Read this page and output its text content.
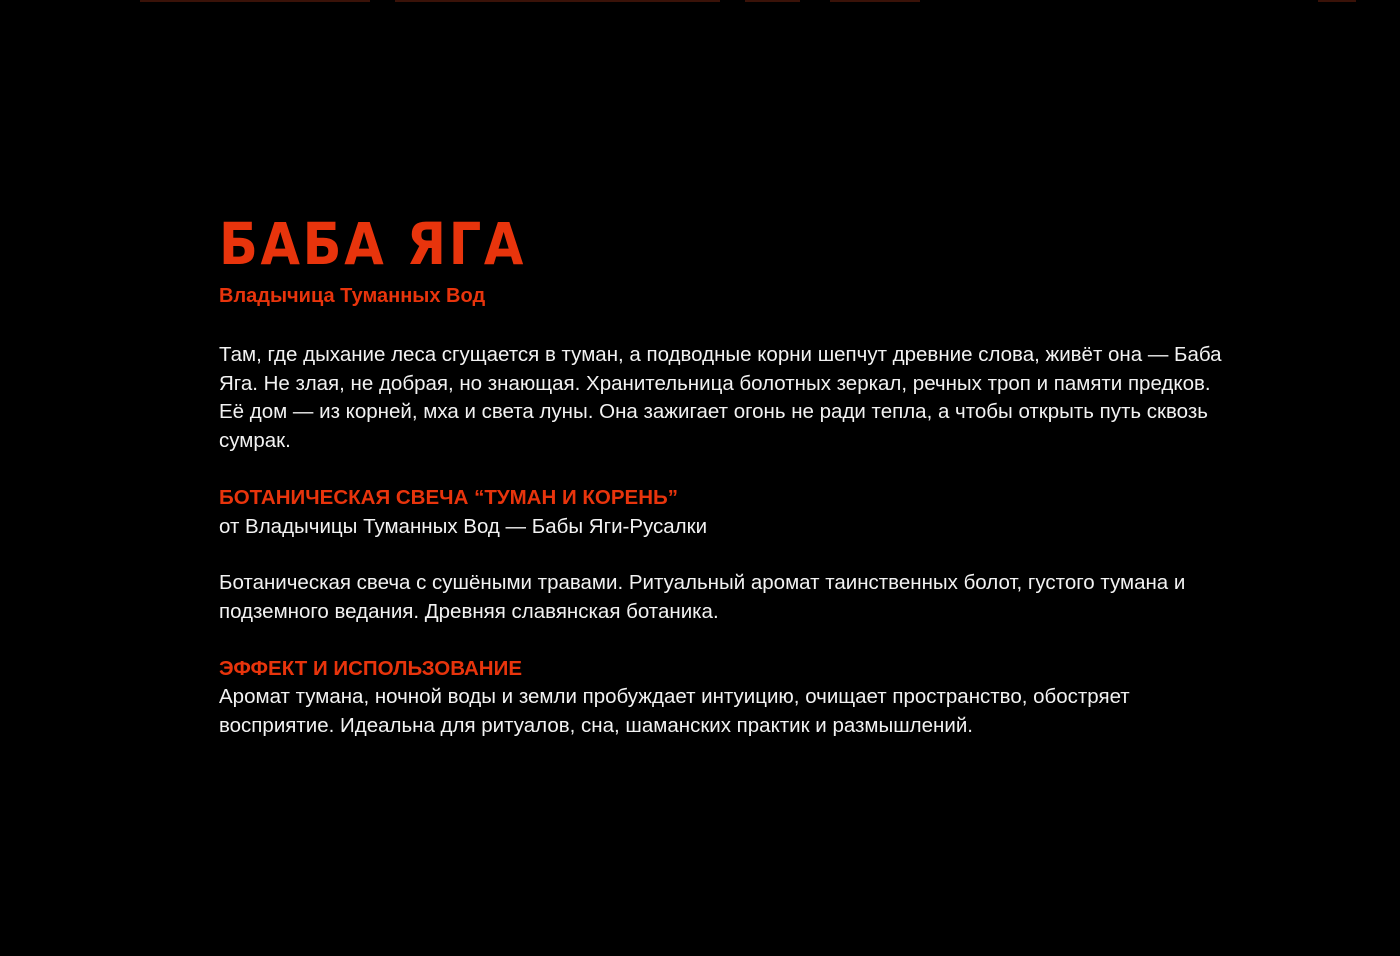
БАБА ЯГА
Владычица Туманных Вод

Там, где дыхание леса сгущается в туман, а подводные корни шепчут древние слова, живёт она — Баба Яга. Не злая, не добрая, но знающая. Хранительница болотных зеркал, речных троп и памяти предков. Её дом — из корней, мха и света луны. Она зажигает огонь не ради тепла, а чтобы открыть путь сквозь сумрак.

БОТАНИЧЕСКАЯ СВЕЧА “ТУМАН И КОРЕНЬ”

от Владычицы Туманных Вод — Бабы Яги-Русалки

Ботаническая свеча с сушёными травами. Ритуальный аромат таинственных болот, густого тумана и подземного ведания. Древняя славянская ботаника.

ЭФФЕКТ И ИСПОЛЬЗОВАНИЕ

Аромат тумана, ночной воды и земли пробуждает интуицию, очищает пространство, обостряет восприятие. Идеальна для ритуалов, сна, шаманских практик и размышлений.
